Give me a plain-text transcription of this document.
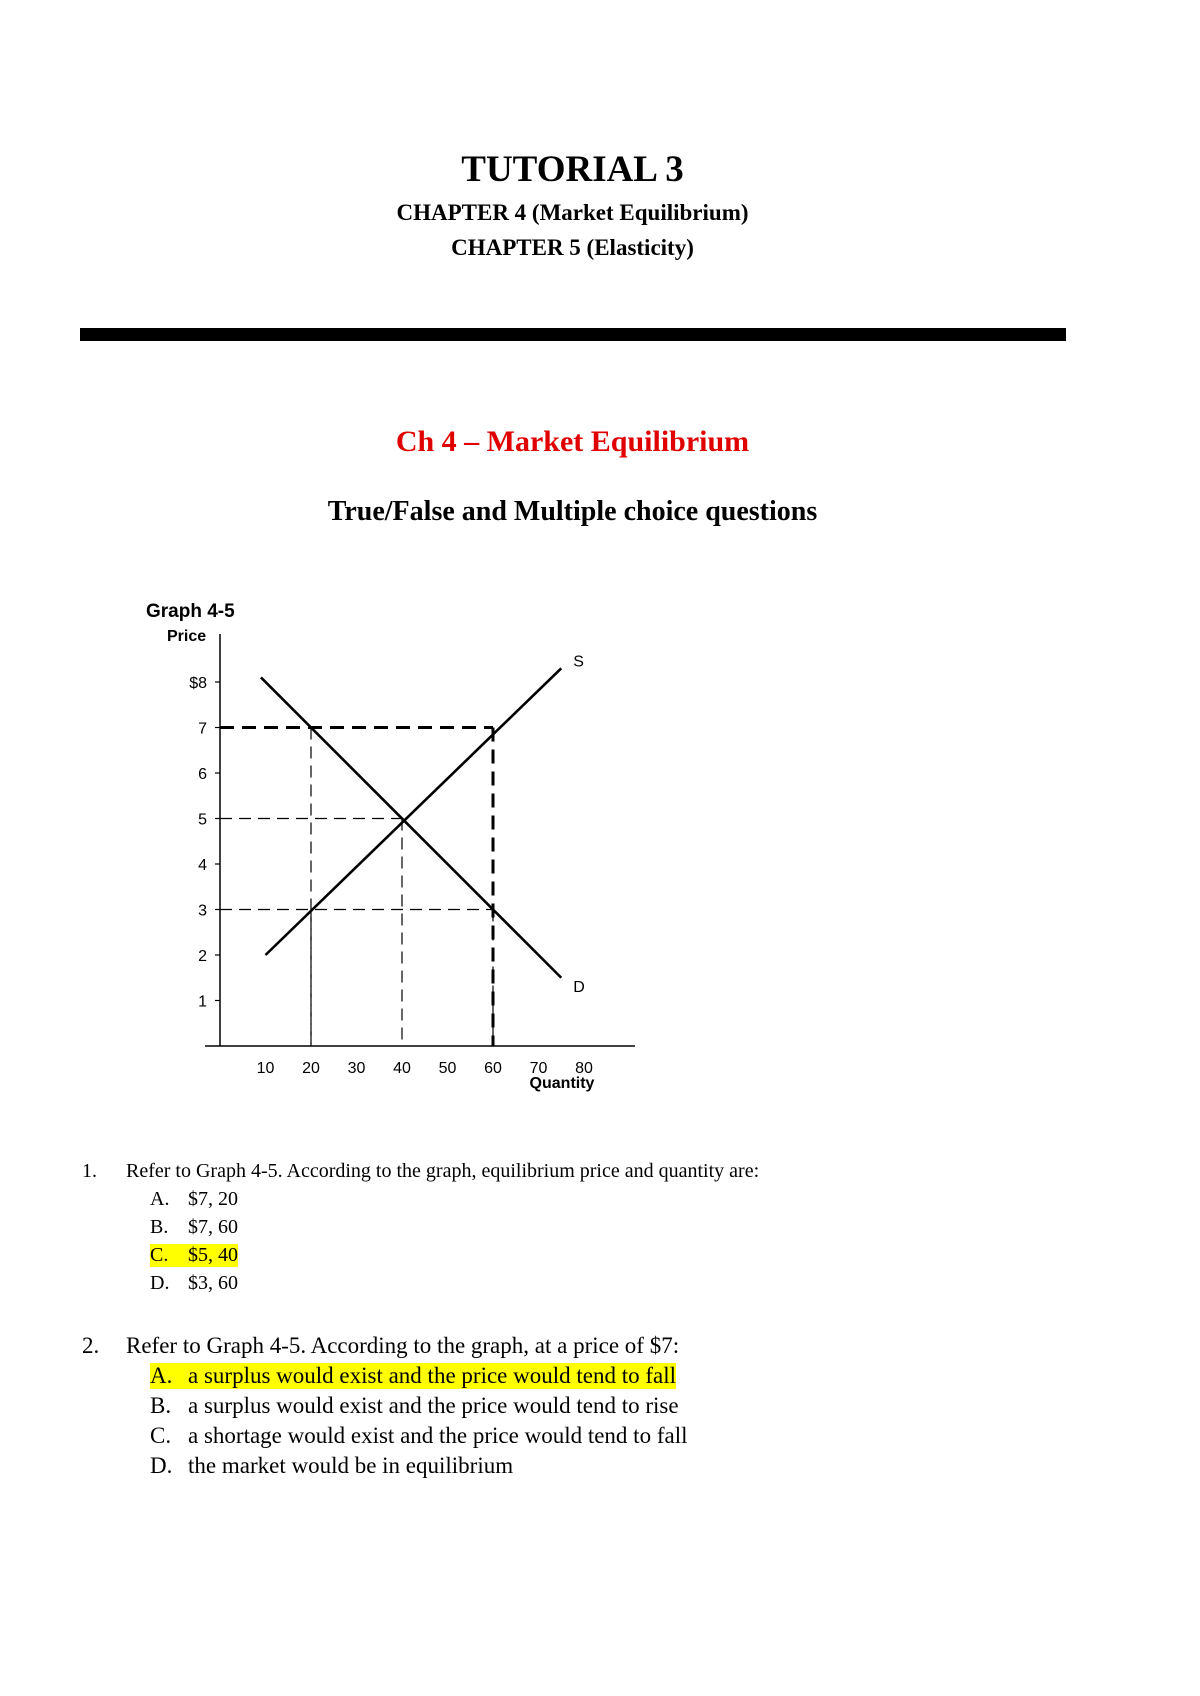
TUTORIAL 3
CHAPTER 4 (Market Equilibrium)
CHAPTER 5 (Elasticity)
Ch 4 – Market Equilibrium
True/False and Multiple choice questions
Graph 4-5
Price
Quantity
1
2
3
4
5
6
7
$8
10 20 30 40 50 60 70 80
S
D
1. Refer to Graph 4-5. According to the graph, equilibrium price and quantity are:
A. $7, 20
B. $7, 60
C. $5, 40
D. $3, 60
2. Refer to Graph 4-5. According to the graph, at a price of $7:
A. a surplus would exist and the price would tend to fall
B. a surplus would exist and the price would tend to rise
C. a shortage would exist and the price would tend to fall
D. the market would be in equilibrium
